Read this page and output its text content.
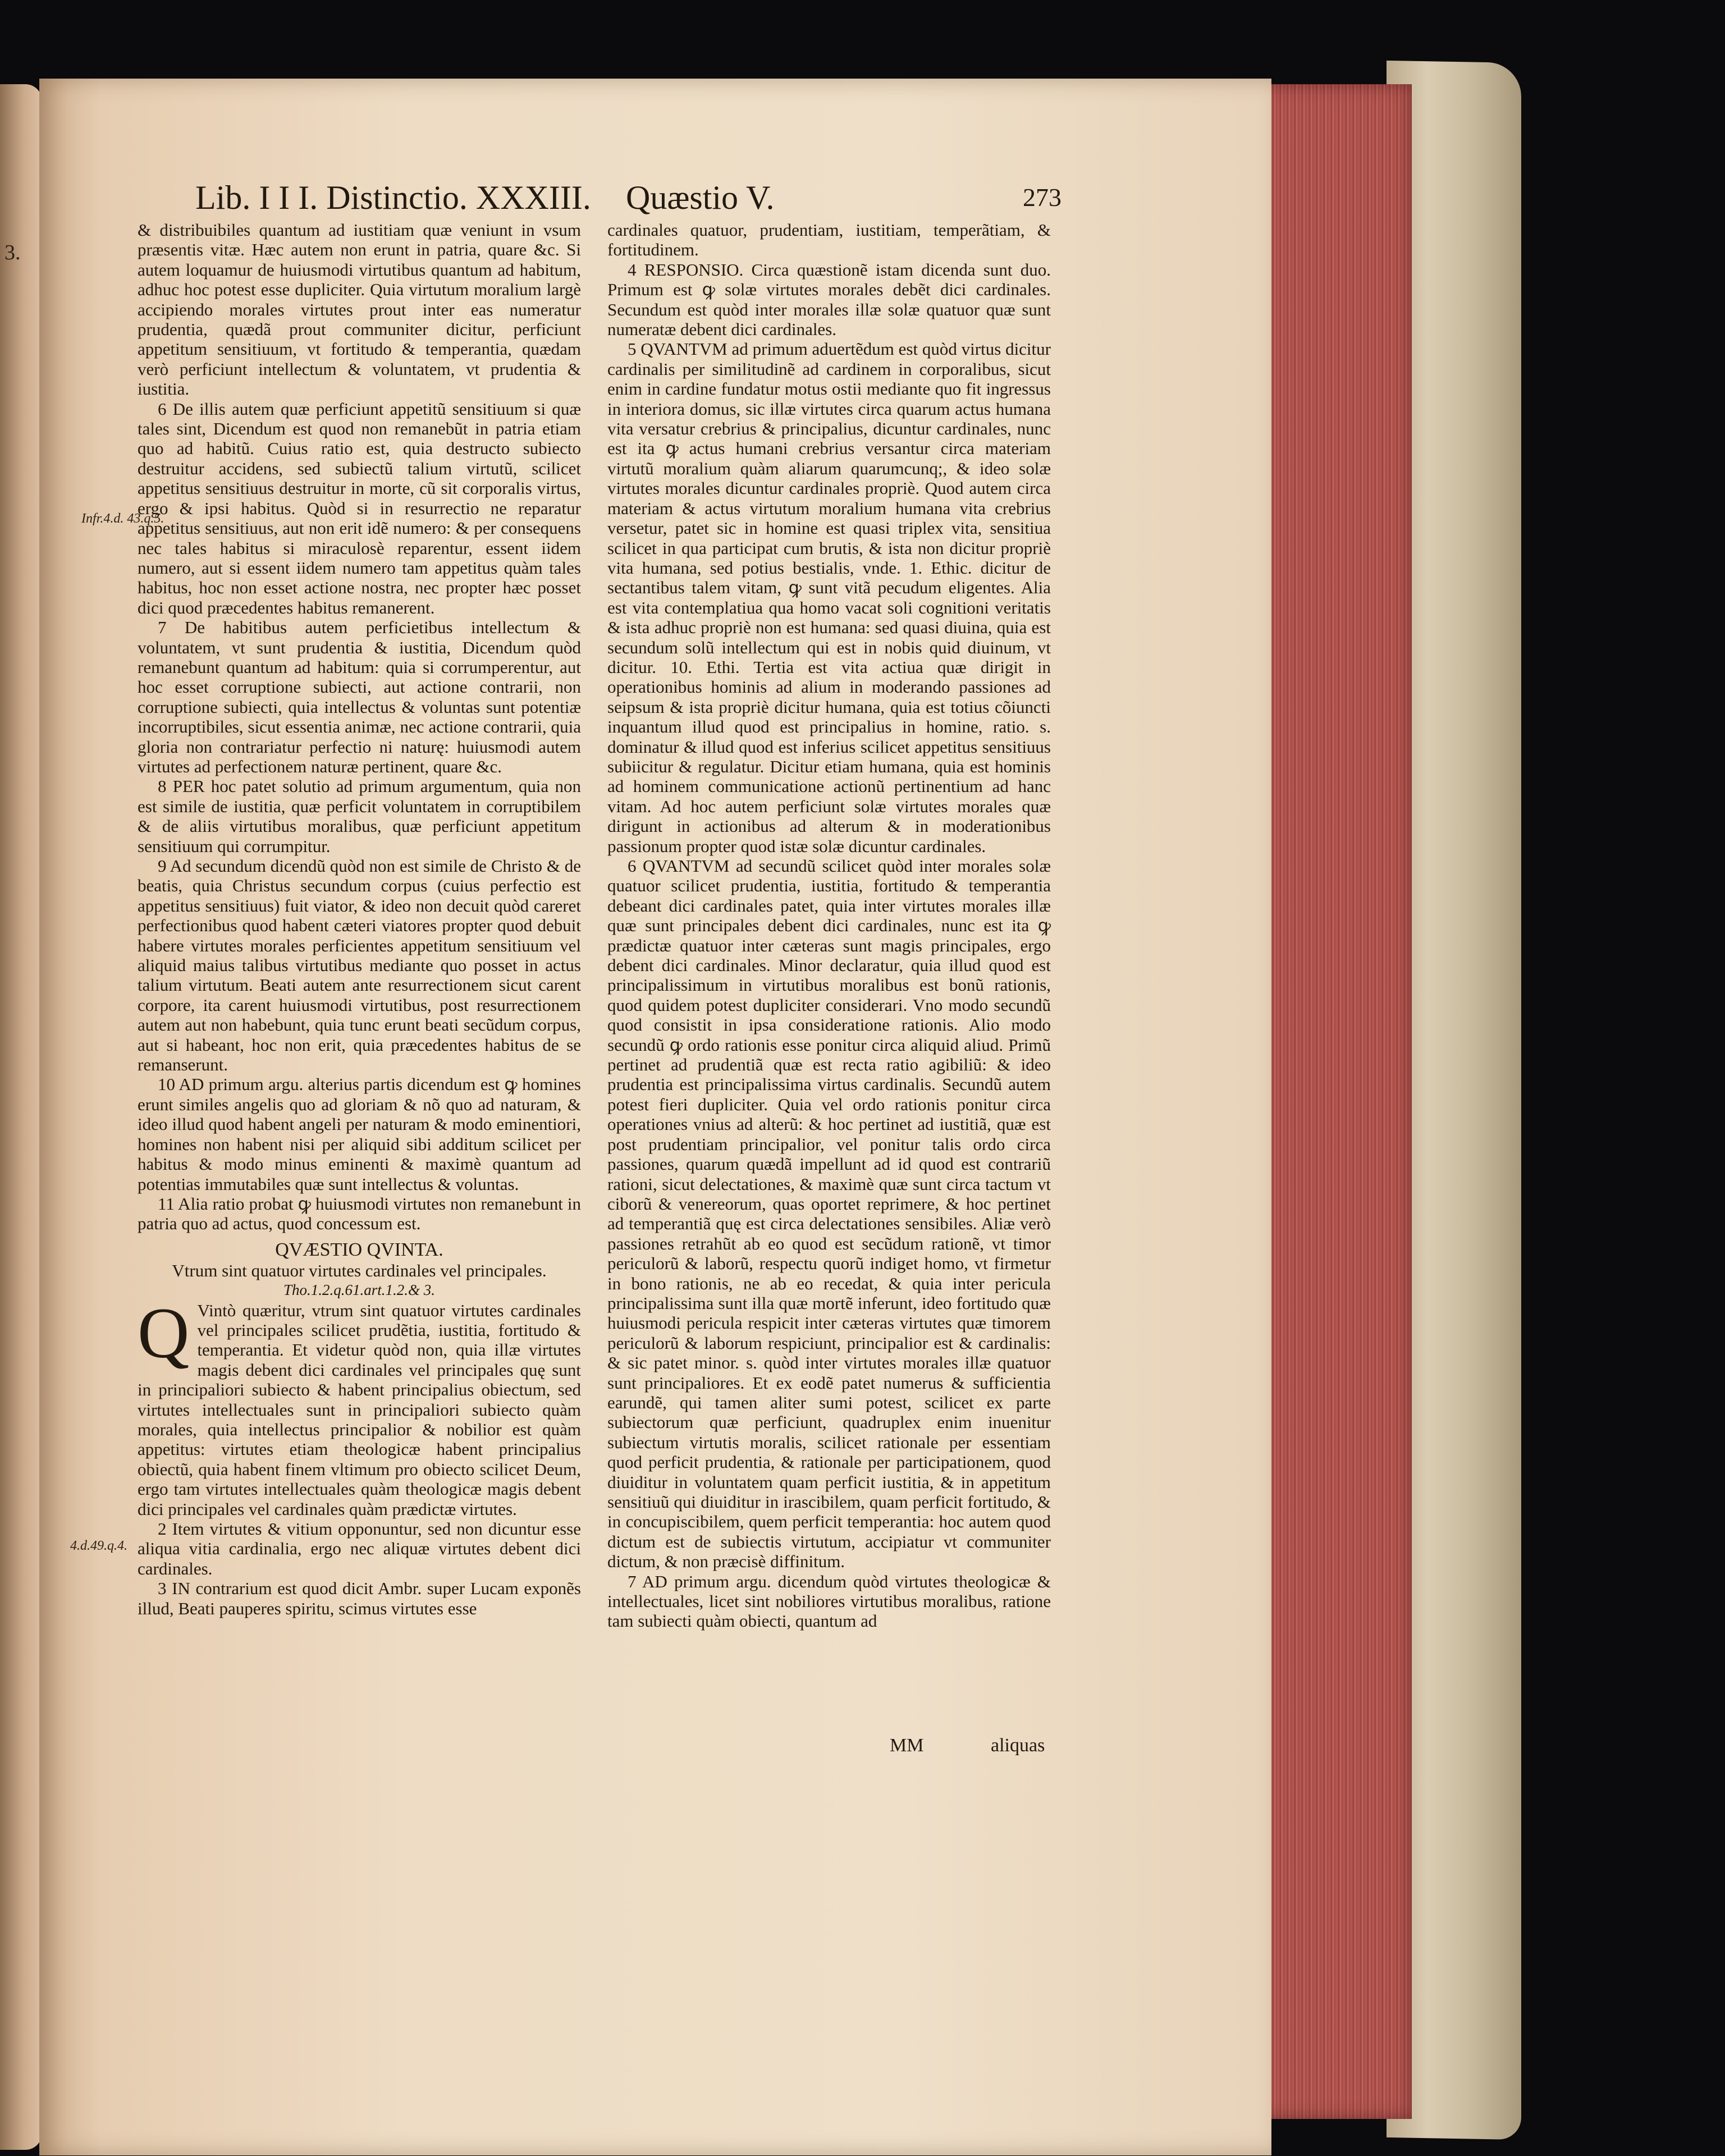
3.
Lib. I I I. Distinctio. XXXIII. Quæstio V.	273
Infr.4.d. 43.q.5.
4.d.49.q.4.

& distribuibiles quantum ad iustitiam quæ veniunt in vsum præsentis vitæ. Hæc autem non erunt in patria, quare &c. Si autem loquamur de huiusmodi virtutibus quantum ad habitum, adhuc hoc potest esse dupliciter. Quia virtutum moralium largè accipiendo morales virtutes prout inter eas numeratur prudentia, quædã prout communiter dicitur, perficiunt appetitum sensitiuum, vt fortitudo & temperantia, quædam verò perficiunt intellectum & voluntatem, vt prudentia & iustitia.

6 De illis autem quæ perficiunt appetitũ sensitiuum si quæ tales sint, Dicendum est quod non remanebũt in patria etiam quo ad habitũ. Cuius ratio est, quia destructo subiecto destruitur accidens, sed subiectũ talium virtutũ, scilicet appetitus sensitiuus destruitur in morte, cũ sit corporalis virtus, ergo & ipsi habitus. Quòd si in resurrectio ne reparatur appetitus sensitiuus, aut non erit idẽ numero: & per consequens nec tales habitus si miraculosè reparentur, essent iidem numero, aut si essent iidem numero tam appetitus quàm tales habitus, hoc non esset actione nostra, nec propter hæc posset dici quod præcedentes habitus remanerent.

7 De habitibus autem perficietibus intellectum & voluntatem, vt sunt prudentia & iustitia, Dicendum quòd remanebunt quantum ad habitum: quia si corrumperentur, aut hoc esset corruptione subiecti, aut actione contrarii, non corruptione subiecti, quia intellectus & voluntas sunt potentiæ incorruptibiles, sicut essentia animæ, nec actione contrarii, quia gloria non contrariatur perfectio ni naturę: huiusmodi autem virtutes ad perfectionem naturæ pertinent, quare &c.

8 PER hoc patet solutio ad primum argumentum, quia non est simile de iustitia, quæ perficit voluntatem in corruptibilem & de aliis virtutibus moralibus, quæ perficiunt appetitum sensitiuum qui corrumpitur.

9 Ad secundum dicendũ quòd non est simile de Christo & de beatis, quia Christus secundum corpus (cuius perfectio est appetitus sensitiuus) fuit viator, & ideo non decuit quòd careret perfectionibus quod habent cæteri viatores propter quod debuit habere virtutes morales perficientes appetitum sensitiuum vel aliquid maius talibus virtutibus mediante quo posset in actus talium virtutum. Beati autem ante resurrectionem sicut carent corpore, ita carent huiusmodi virtutibus, post resurrectionem autem aut non habebunt, quia tunc erunt beati secũdum corpus, aut si habeant, hoc non erit, quia præcedentes habitus de se remanserunt.

10 AD primum argu. alterius partis dicendum est ꝙ homines erunt similes angelis quo ad gloriam & nõ quo ad naturam, & ideo illud quod habent angeli per naturam & modo eminentiori, homines non habent nisi per aliquid sibi additum scilicet per habitus & modo minus eminenti & maximè quantum ad potentias immutabiles quæ sunt intellectus & voluntas.

11 Alia ratio probat ꝙ huiusmodi virtutes non remanebunt in patria quo ad actus, quod concessum est.

QVÆSTIO QVINTA.
Vtrum sint quatuor virtutes cardinales vel principales.
Tho.1.2.q.61.art.1.2.& 3.

Q Vintò quæritur, vtrum sint quatuor virtutes cardinales vel principales scilicet prudẽtia, iustitia, fortitudo & temperantia. Et videtur quòd non, quia illæ virtutes magis debent dici cardinales vel principales quę sunt in principaliori subiecto & habent principalius obiectum, sed virtutes intellectuales sunt in principaliori subiecto quàm morales, quia intellectus principalior & nobilior est quàm appetitus: virtutes etiam theologicæ habent principalius obiectũ, quia habent finem vltimum pro obiecto scilicet Deum, ergo tam virtutes intellectuales quàm theologicæ magis debent dici principales vel cardinales quàm prædictæ virtutes.

2 Item virtutes & vitium opponuntur, sed non dicuntur esse aliqua vitia cardinalia, ergo nec aliquæ virtutes debent dici cardinales.

3 IN contrarium est quod dicit Ambr. super Lucam exponẽs illud, Beati pauperes spiritu, scimus virtutes esse

cardinales quatuor, prudentiam, iustitiam, temperãtiam, & fortitudinem.

4 RESPONSIO. Circa quæstionẽ istam dicenda sunt duo. Primum est ꝙ solæ virtutes morales debẽt dici cardinales. Secundum est quòd inter morales illæ solæ quatuor quæ sunt numeratæ debent dici cardinales.

5 QVANTVM ad primum aduertẽdum est quòd virtus dicitur cardinalis per similitudinẽ ad cardinem in corporalibus, sicut enim in cardine fundatur motus ostii mediante quo fit ingressus in interiora domus, sic illæ virtutes circa quarum actus humana vita versatur crebrius & principalius, dicuntur cardinales, nunc est ita ꝙ actus humani crebrius versantur circa materiam virtutũ moralium quàm aliarum quarumcunq;, & ideo solæ virtutes morales dicuntur cardinales propriè. Quod autem circa materiam & actus virtutum moralium humana vita crebrius versetur, patet sic in homine est quasi triplex vita, sensitiua scilicet in qua participat cum brutis, & ista non dicitur propriè vita humana, sed potius bestialis, vnde. 1. Ethic. dicitur de sectantibus talem vitam, ꝙ sunt vitã pecudum eligentes. Alia est vita contemplatiua qua homo vacat soli cognitioni veritatis & ista adhuc propriè non est humana: sed quasi diuina, quia est secundum solũ intellectum qui est in nobis quid diuinum, vt dicitur. 10. Ethi. Tertia est vita actiua quæ dirigit in operationibus hominis ad alium in moderando passiones ad seipsum & ista propriè dicitur humana, quia est totius cõiuncti inquantum illud quod est principalius in homine, ratio. s. dominatur & illud quod est inferius scilicet appetitus sensitiuus subiicitur & regulatur. Dicitur etiam humana, quia est hominis ad hominem communicatione actionũ pertinentium ad hanc vitam. Ad hoc autem perficiunt solæ virtutes morales quæ dirigunt in actionibus ad alterum & in moderationibus passionum propter quod istæ solæ dicuntur cardinales.

6 QVANTVM ad secundũ scilicet quòd inter morales solæ quatuor scilicet prudentia, iustitia, fortitudo & temperantia debeant dici cardinales patet, quia inter virtutes morales illæ quæ sunt principales debent dici cardinales, nunc est ita ꝙ prædictæ quatuor inter cæteras sunt magis principales, ergo debent dici cardinales. Minor declaratur, quia illud quod est principalissimum in virtutibus moralibus est bonũ rationis, quod quidem potest dupliciter considerari. Vno modo secundũ quod consistit in ipsa consideratione rationis. Alio modo secundũ ꝙ ordo rationis esse ponitur circa aliquid aliud. Primũ pertinet ad prudentiã quæ est recta ratio agibiliũ: & ideo prudentia est principalissima virtus cardinalis. Secundũ autem potest fieri dupliciter. Quia vel ordo rationis ponitur circa operationes vnius ad alterũ: & hoc pertinet ad iustitiã, quæ est post prudentiam principalior, vel ponitur talis ordo circa passiones, quarum quædã impellunt ad id quod est contrariũ rationi, sicut delectationes, & maximè quæ sunt circa tactum vt ciborũ & venereorum, quas oportet reprimere, & hoc pertinet ad temperantiã quę est circa delectationes sensibiles. Aliæ verò passiones retrahũt ab eo quod est secũdum rationẽ, vt timor periculorũ & laborũ, respectu quorũ indiget homo, vt firmetur in bono rationis, ne ab eo recedat, & quia inter pericula principalissima sunt illa quæ mortẽ inferunt, ideo fortitudo quæ huiusmodi pericula respicit inter cæteras virtutes quæ timorem periculorũ & laborum respiciunt, principalior est & cardinalis: & sic patet minor. s. quòd inter virtutes morales illæ quatuor sunt principaliores. Et ex eodẽ patet numerus & sufficientia earundẽ, qui tamen aliter sumi potest, scilicet ex parte subiectorum quæ perficiunt, quadruplex enim inuenitur subiectum virtutis moralis, scilicet rationale per essentiam quod perficit prudentia, & rationale per participationem, quod diuiditur in voluntatem quam perficit iustitia, & in appetitum sensitiuũ qui diuiditur in irascibilem, quam perficit fortitudo, & in concupiscibilem, quem perficit temperantia: hoc autem quod dictum est de subiectis virtutum, accipiatur vt communiter dictum, & non præcisè diffinitum.

7 AD primum argu. dicendum quòd virtutes theologicæ & intellectuales, licet sint nobiliores virtutibus moralibus, ratione tam subiecti quàm obiecti, quantum ad

MM	aliquas
